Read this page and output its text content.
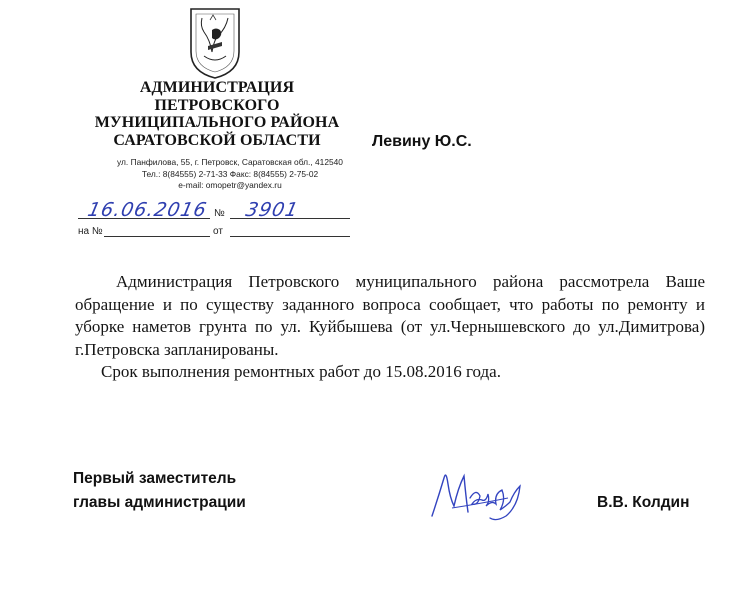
АДМИНИСТРАЦИЯ
ПЕТРОВСКОГО
МУНИЦИПАЛЬНОГО РАЙОНА
САРАТОВСКОЙ ОБЛАСТИ
ул. Панфилова, 55, г. Петровск, Саратовская обл., 412540
Тел.: 8(84555) 2-71-33 Факс: 8(84555) 2-75-02
e-mail: omopetr@yandex.ru
Левину Ю.С.
16.06.2016 № 3901
на №	от

Администрация Петровского муниципального района рассмотрела Ваше обращение и по существу заданного вопроса сообщает, что работы по ремонту и уборке наметов грунта по ул. Куйбышева (от ул.Чернышевского до ул.Димитрова) г.Петровска запланированы.

Срок выполнения ремонтных работ до 15.08.2016 года.

Первый заместитель
главы администрации	В.В. Колдин
